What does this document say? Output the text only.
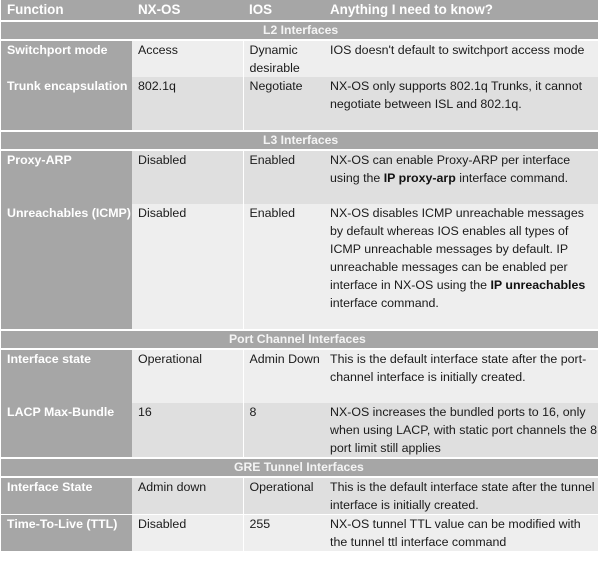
Function	NX-OS	IOS	Anything I need to know?
L2 Interfaces			
Switchport mode	Access	Dynamic desirable	IOS doesn't default to switchport access mode
Trunk encapsulation	802.1q	Negotiate	NX-OS only supports 802.1q Trunks, it cannot negotiate between ISL and 802.1q.
L3 Interfaces			
Proxy-ARP	Disabled	Enabled	NX-OS can enable Proxy-ARP per interface using the IP proxy-arp interface command.
Unreachables (ICMP)	Disabled	Enabled	NX-OS disables ICMP unreachable messages by default whereas IOS enables all types of ICMP unreachable messages by default. IP unreachable messages can be enabled per interface in NX-OS using the IP unreachables interface command.
Port Channel Interfaces			
Interface state	Operational	Admin Down	This is the default interface state after the port-channel interface is initially created.
LACP Max-Bundle	16	8	NX-OS increases the bundled ports to 16, only when using LACP, with static port channels the 8 port limit still applies
GRE Tunnel Interfaces			
Interface State	Admin down	Operational	This is the default interface state after the tunnel interface is initially created.
Time-To-Live (TTL)	Disabled	255	NX-OS tunnel TTL value can be modified with the tunnel ttl interface command
